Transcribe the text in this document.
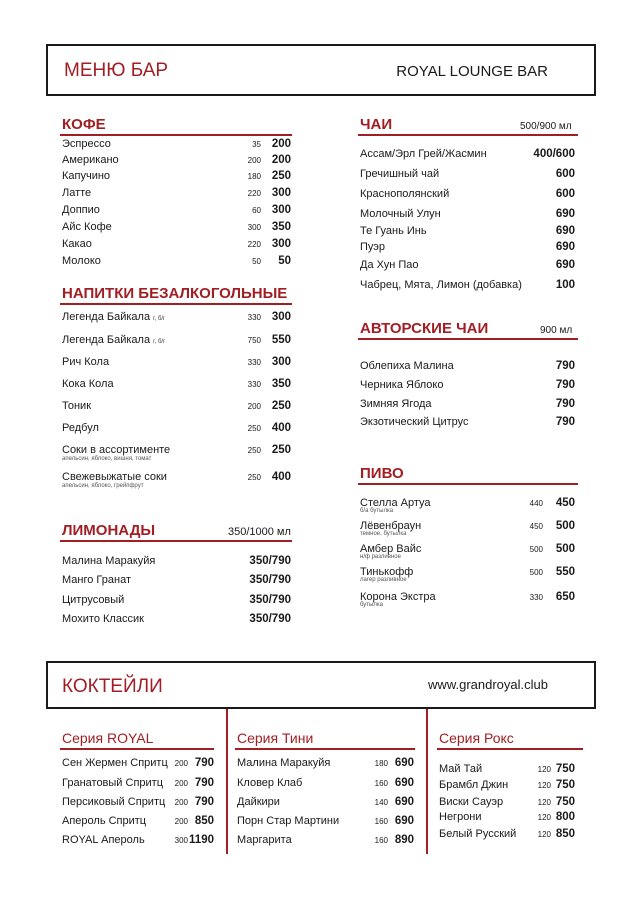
МЕНЮ БАР	ROYAL LOUNGE BAR
КОФЕ
Эспрессо	35 200
Американо	200 200
Капучино	180 250
Латте	220 300
Доппио	60 300
Айс Кофе	300 350
Какао	220 300
Молоко	50 50
НАПИТКИ БЕЗАЛКОГОЛЬНЫЕ
Легенда Байкала г, б/г	330 300
Легенда Байкала г, б/г	750 550
Рич Кола	330 300
Кока Кола	330 350
Тоник	200 250
Редбул	250 400
Соки в ассортименте
апельсин, яблоко, вишня, томат
250 250
Свежевыжатые соки
апельсин, яблоко, грейпфрут
250 400
ЛИМОНАДЫ	350/1000 мл
Малина Маракуйя	350/790
Манго Гранат	350/790
Цитрусовый	350/790
Мохито Классик	350/790
ЧАИ	500/900 мл
Ассам/Эрл Грей/Жасмин	400/600
Гречишный чай	600
Краснополянский	600
Молочный Улун	690
Те Гуань Инь	690
Пуэр	690
Да Хун Пао	690
Чабрец, Мята, Лимон (добавка)	100
АВТОРСКИЕ ЧАИ	900 мл
Облепиха Малина	790
Черника Яблоко	790
Зимняя Ягода	790
Экзотический Цитрус	790
ПИВО
Стелла Артуа
б/а бутылка
440 450
Лёвенбраун
темное, бутылка
450 500
Амбер Вайс
н/ф разливное
500 500
Тинькофф
лагер разливное
500 550
Корона Экстра
бутылка
330 650
КОКТЕЙЛИ	www.grandroyal.club
Серия ROYAL
Сен Жермен Спритц 200 790
Гранатовый Спритц 200 790
Персиковый Спритц 200 790
Апероль Спритц	200 850
ROYAL Апероль	300 1190
Серия Тини
Малина Маракуйя	180 690
Кловер Клаб	160 690
Дайкири	140 690
Порн Стар Мартини	160 690
Маргарита	160 890
Серия Рокс
Май Тай	120 750
Брамбл Джин	120 750
Виски Сауэр	120 750
Негрони	120 800
Белый Русский	120 850
